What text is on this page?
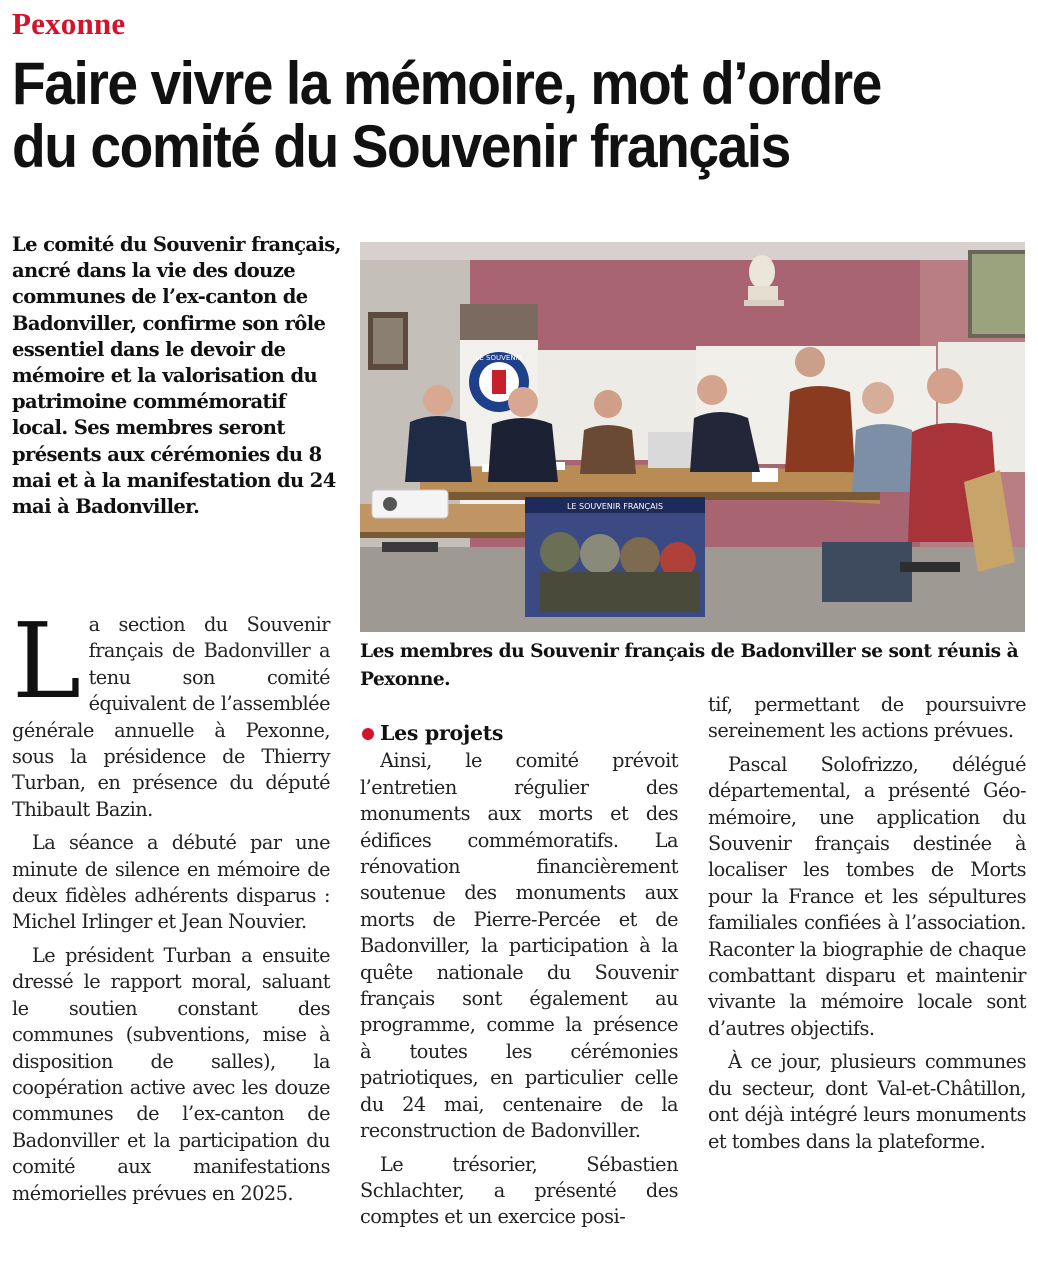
Pexonne
Faire vivre la mémoire, mot d’ordre du comité du Souvenir français
Le comité du Souvenir français, ancré dans la vie des douze communes de l’ex-canton de Badonviller, confirme son rôle essentiel dans le devoir de mémoire et la valorisation du patrimoine commémoratif local. Ses membres seront présents aux cérémonies du 8 mai et à la manifestation du 24 mai à Badonviller.
LE SOUVENIR
LE SOUVENIR FRANÇAIS
Les membres du Souvenir français de Badonviller se sont réunis à Pexonne.

La section du Souvenir français de Badonviller a tenu son comité équivalent de l’assemblée générale annuelle à Pexonne, sous la présidence de Thierry Turban, en présence du député Thibault Bazin.

La séance a débuté par une minute de silence en mémoire de deux fidèles adhérents disparus : Michel Irlinger et Jean Nouvier.

Le président Turban a ensuite dressé le rapport moral, saluant le soutien constant des communes (subventions, mise à disposition de salles), la coopération active avec les douze communes de l’ex-canton de Badonviller et la participation du comité aux manifestations mémorielles prévues en 2025.

Les projets

Ainsi, le comité prévoit l’entretien régulier des monuments aux morts et des édifices commémoratifs. La rénovation financièrement soutenue des monuments aux morts de Pierre-Percée et de Badonviller, la participation à la quête nationale du Souvenir français sont également au programme, comme la présence à toutes les cérémonies patriotiques, en particulier celle du 24 mai, centenaire de la reconstruction de Badonviller.

Le trésorier, Sébastien Schlachter, a présenté des comptes et un exercice posi-

tif, permettant de poursuivre sereinement les actions prévues.

Pascal Solofrizzo, délégué départemental, a présenté Géo-mémoire, une application du Souvenir français destinée à localiser les tombes de Morts pour la France et les sépultures familiales confiées à l’association. Raconter la biographie de chaque combattant disparu et maintenir vivante la mémoire locale sont d’autres objectifs.

À ce jour, plusieurs communes du secteur, dont Val-et-Châtillon, ont déjà intégré leurs monuments et tombes dans la plateforme.
